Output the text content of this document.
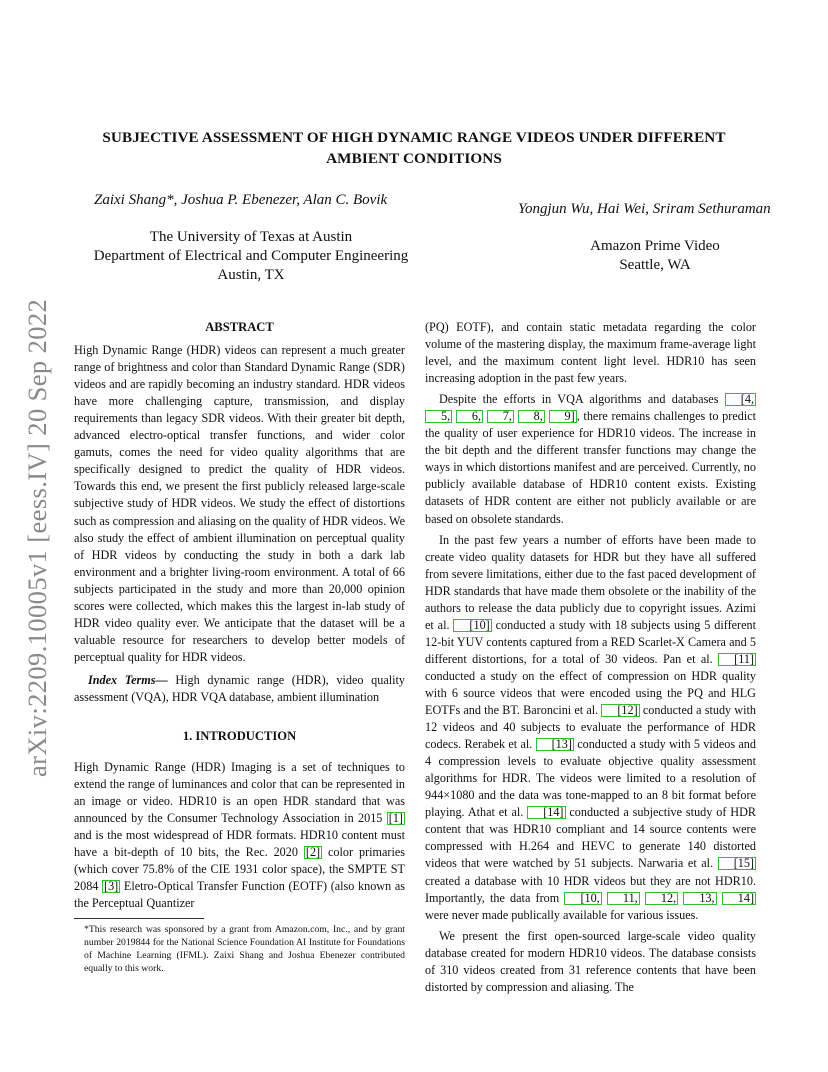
arXiv:2209.10005v1 [eess.IV] 20 Sep 2022
SUBJECTIVE ASSESSMENT OF HIGH DYNAMIC RANGE VIDEOS UNDER DIFFERENT
AMBIENT CONDITIONS
Zaixi Shang*, Joshua P. Ebenezer, Alan C. Bovik
The University of Texas at Austin
Department of Electrical and Computer Engineering
Austin, TX
Yongjun Wu, Hai Wei, Sriram Sethuraman
Amazon Prime Video
Seattle, WA
ABSTRACT

High Dynamic Range (HDR) videos can represent a much greater range of brightness and color than Standard Dynamic Range (SDR) videos and are rapidly becoming an industry standard. HDR videos have more challenging capture, transmission, and display requirements than legacy SDR videos. With their greater bit depth, advanced electro-optical transfer functions, and wider color gamuts, comes the need for video quality algorithms that are specifically designed to predict the quality of HDR videos. Towards this end, we present the first publicly released large-scale subjective study of HDR videos. We study the effect of distortions such as compression and aliasing on the quality of HDR videos. We also study the effect of ambient illumination on perceptual quality of HDR videos by conducting the study in both a dark lab environment and a brighter living-room environment. A total of 66 subjects participated in the study and more than 20,000 opinion scores were collected, which makes this the largest in-lab study of HDR video quality ever. We anticipate that the dataset will be a valuable resource for researchers to develop better models of perceptual quality for HDR videos.

Index Terms— High dynamic range (HDR), video quality assessment (VQA), HDR VQA database, ambient illumination

1. INTRODUCTION

High Dynamic Range (HDR) Imaging is a set of techniques to extend the range of luminances and color that can be represented in an image or video. HDR10 is an open HDR standard that was announced by the Consumer Technology Association in 2015 [1] and is the most widespread of HDR formats. HDR10 content must have a bit-depth of 10 bits, the Rec. 2020 [2] color primaries (which cover 75.8% of the CIE 1931 color space), the SMPTE ST 2084 [3] Eletro-Optical Transfer Function (EOTF) (also known as the Perceptual Quantizer

*This research was sponsored by a grant from Amazon.com, Inc., and by grant number 2019844 for the National Science Foundation AI Institute for Foundations of Machine Learning (IFML). Zaixi Shang and Joshua Ebenezer contributed equally to this work.

(PQ) EOTF), and contain static metadata regarding the color volume of the mastering display, the maximum frame-average light level, and the maximum content light level. HDR10 has seen increasing adoption in the past few years.

Despite the efforts in VQA algorithms and databases [4, 5, 6, 7, 8, 9] , there remains challenges to predict the quality of user experience for HDR10 videos. The increase in the bit depth and the different transfer functions may change the ways in which distortions manifest and are perceived. Currently, no publicly available database of HDR10 content exists. Existing datasets of HDR content are either not publicly available or are based on obsolete standards.

In the past few years a number of efforts have been made to create video quality datasets for HDR but they have all suffered from severe limitations, either due to the fast paced development of HDR standards that have made them obsolete or the inability of the authors to release the data publicly due to copyright issues. Azimi et al. [10] conducted a study with 18 subjects using 5 different 12-bit YUV contents captured from a RED Scarlet-X Camera and 5 different distortions, for a total of 30 videos. Pan et al. [11] conducted a study on the effect of compression on HDR quality with 6 source videos that were encoded using the PQ and HLG EOTFs and the BT. Baroncini et al. [12] conducted a study with 12 videos and 40 subjects to evaluate the performance of HDR codecs. Rerabek et al. [13] conducted a study with 5 videos and 4 compression levels to evaluate objective quality assessment algorithms for HDR. The videos were limited to a resolution of 944×1080 and the data was tone-mapped to an 8 bit format before playing. Athat et al. [14] conducted a subjective study of HDR content that was HDR10 compliant and 14 source contents were compressed with H.264 and HEVC to generate 140 distorted videos that were watched by 51 subjects. Narwaria et al. [15] created a database with 10 HDR videos but they are not HDR10. Importantly, the data from [10, 11, 12, 13, 14] were never made publically available for various issues.

We present the first open-sourced large-scale video quality database created for modern HDR10 videos. The database consists of 310 videos created from 31 reference contents that have been distorted by compression and aliasing. The
